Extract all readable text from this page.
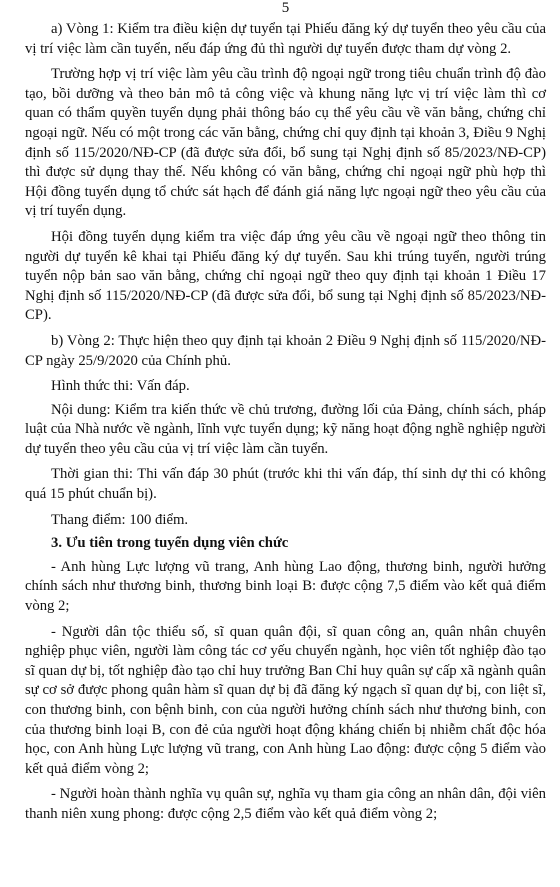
5

a) Vòng 1: Kiểm tra điều kiện dự tuyển tại Phiếu đăng ký dự tuyển theo yêu cầu của vị trí việc làm cần tuyển, nếu đáp ứng đủ thì người dự tuyển được tham dự vòng 2.

Trường hợp vị trí việc làm yêu cầu trình độ ngoại ngữ trong tiêu chuẩn trình độ đào tạo, bồi dưỡng và theo bản mô tả công việc và khung năng lực vị trí việc làm thì cơ quan có thẩm quyền tuyển dụng phải thông báo cụ thể yêu cầu về văn bằng, chứng chỉ ngoại ngữ. Nếu có một trong các văn bằng, chứng chỉ quy định tại khoản 3, Điều 9 Nghị định số 115/2020/NĐ-CP (đã được sửa đổi, bổ sung tại Nghị định số 85/2023/NĐ-CP) thì được sử dụng thay thế. Nếu không có văn bằng, chứng chỉ ngoại ngữ phù hợp thì Hội đồng tuyển dụng tổ chức sát hạch để đánh giá năng lực ngoại ngữ theo yêu cầu của vị trí tuyển dụng.

Hội đồng tuyển dụng kiểm tra việc đáp ứng yêu cầu về ngoại ngữ theo thông tin người dự tuyển kê khai tại Phiếu đăng ký dự tuyển. Sau khi trúng tuyển, người trúng tuyển nộp bản sao văn bằng, chứng chỉ ngoại ngữ theo quy định tại khoản 1 Điều 17 Nghị định số 115/2020/NĐ-CP (đã được sửa đổi, bổ sung tại Nghị định số 85/2023/NĐ-CP).

b) Vòng 2: Thực hiện theo quy định tại khoản 2 Điều 9 Nghị định số 115/2020/NĐ-CP ngày 25/9/2020 của Chính phủ.

Hình thức thi: Vấn đáp.

Nội dung: Kiểm tra kiến thức về chủ trương, đường lối của Đảng, chính sách, pháp luật của Nhà nước về ngành, lĩnh vực tuyển dụng; kỹ năng hoạt động nghề nghiệp người dự tuyển theo yêu cầu của vị trí việc làm cần tuyển.

Thời gian thi: Thi vấn đáp 30 phút (trước khi thi vấn đáp, thí sinh dự thi có không quá 15 phút chuẩn bị).

Thang điểm: 100 điểm.

3. Ưu tiên trong tuyển dụng viên chức

- Anh hùng Lực lượng vũ trang, Anh hùng Lao động, thương binh, người hưởng chính sách như thương binh, thương binh loại B: được cộng 7,5 điểm vào kết quả điểm vòng 2;

- Người dân tộc thiểu số, sĩ quan quân đội, sĩ quan công an, quân nhân chuyên nghiệp phục viên, người làm công tác cơ yếu chuyển ngành, học viên tốt nghiệp đào tạo sĩ quan dự bị, tốt nghiệp đào tạo chỉ huy trưởng Ban Chỉ huy quân sự cấp xã ngành quân sự cơ sở được phong quân hàm sĩ quan dự bị đã đăng ký ngạch sĩ quan dự bị, con liệt sĩ, con thương binh, con bệnh binh, con của người hưởng chính sách như thương binh, con của thương binh loại B, con đẻ của người hoạt động kháng chiến bị nhiễm chất độc hóa học, con Anh hùng Lực lượng vũ trang, con Anh hùng Lao động: được cộng 5 điểm vào kết quả điểm vòng 2;

- Người hoàn thành nghĩa vụ quân sự, nghĩa vụ tham gia công an nhân dân, đội viên thanh niên xung phong: được cộng 2,5 điểm vào kết quả điểm vòng 2;
